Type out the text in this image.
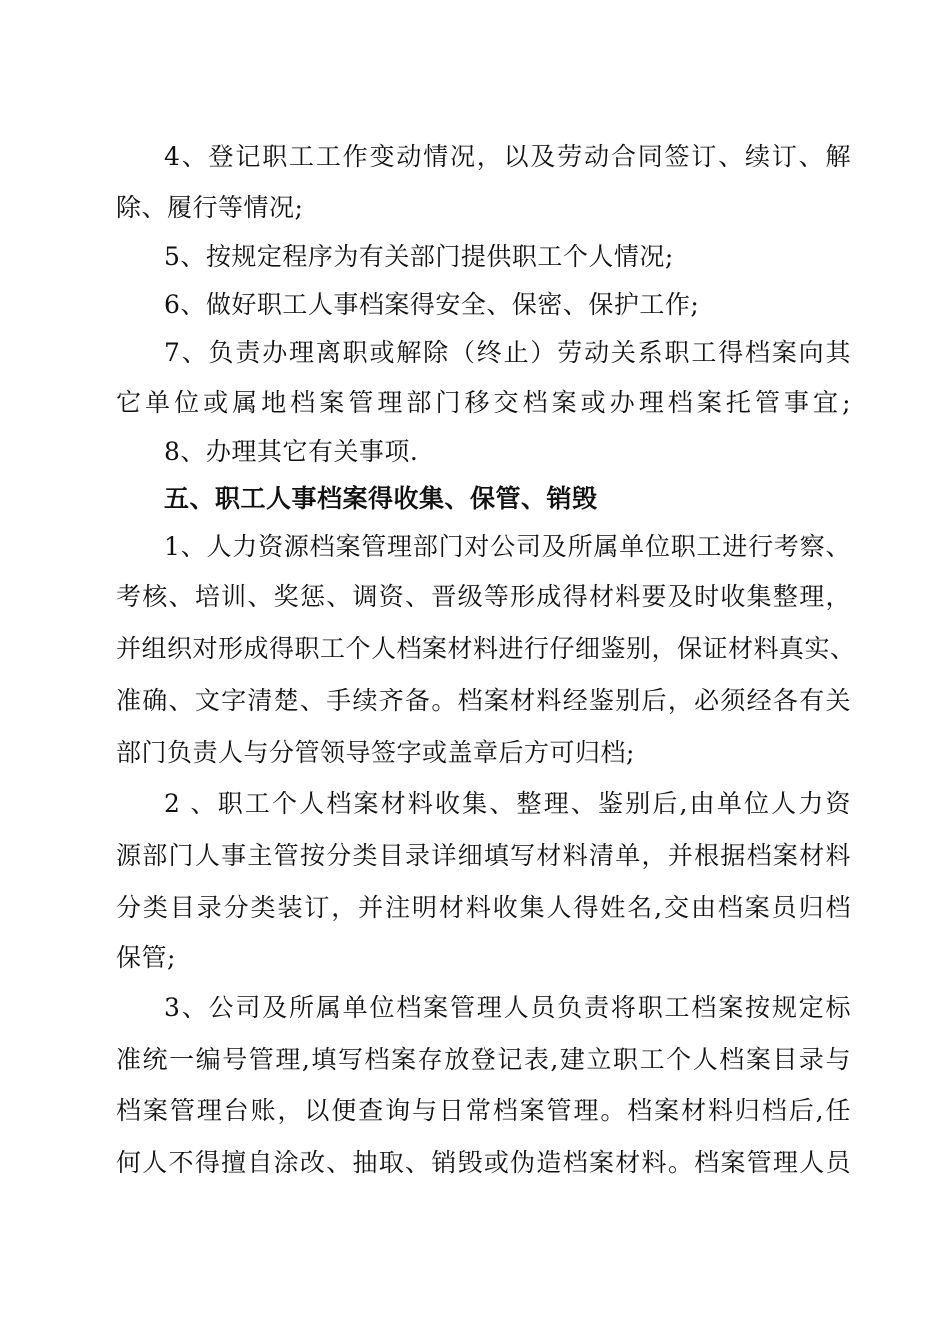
4、登记职工工作变动情况，以及劳动合同签订、续订、解
除、履行等情况;
5、按规定程序为有关部门提供职工个人情况;
6、做好职工人事档案得安全、保密、保护工作;
7、负责办理离职或解除（终止）劳动关系职工得档案向其
它单位或属地档案管理部门移交档案或办理档案托管事宜;
8、办理其它有关事项.
五、职工人事档案得收集、保管、销毁
1、人力资源档案管理部门对公司及所属单位职工进行考察、
考核、培训、奖惩、调资、晋级等形成得材料要及时收集整理，
并组织对形成得职工个人档案材料进行仔细鉴别，保证材料真实、
准确、文字清楚、手续齐备。档案材料经鉴别后，必须经各有关
部门负责人与分管领导签字或盖章后方可归档;
2 、职工个人档案材料收集、整理、鉴别后,由单位人力资
源部门人事主管按分类目录详细填写材料清单，并根据档案材料
分类目录分类装订，并注明材料收集人得姓名,交由档案员归档
保管;
3、公司及所属单位档案管理人员负责将职工档案按规定标
准统一编号管理,填写档案存放登记表,建立职工个人档案目录与
档案管理台账，以便查询与日常档案管理。档案材料归档后,任
何人不得擅自涂改、抽取、销毁或伪造档案材料。档案管理人员
